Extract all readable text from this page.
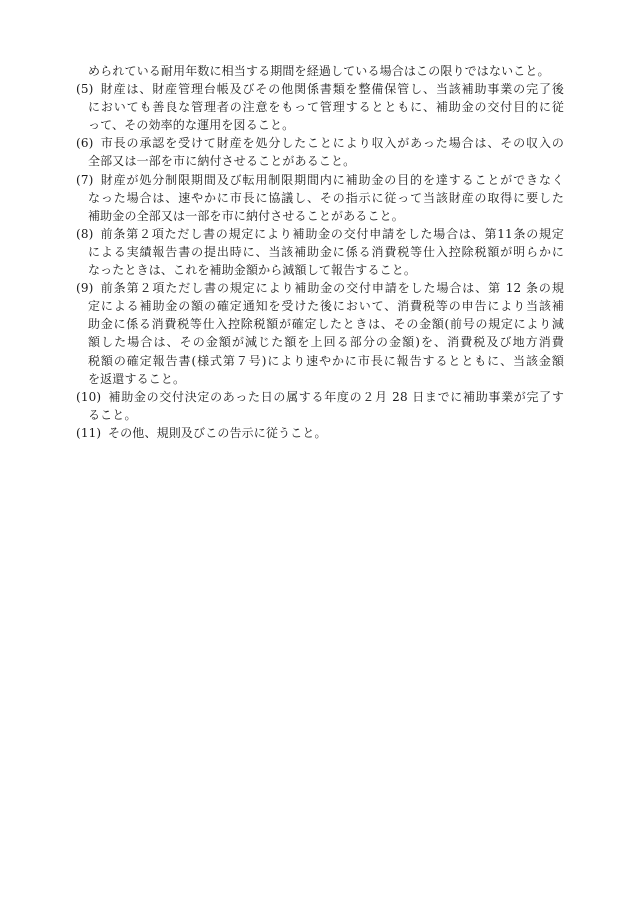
められている耐用年数に相当する期間を経過している場合はこの限りではないこと。
(5) 財産は、財産管理台帳及びその他関係書類を整備保管し、当該補助事業の完了後
においても善良な管理者の注意をもって管理するとともに、補助金の交付目的に従
って、その効率的な運用を図ること。
(6) 市長の承認を受けて財産を処分したことにより収入があった場合は、その収入の
全部又は一部を市に納付させることがあること。
(7) 財産が処分制限期間及び転用制限期間内に補助金の目的を達することができなく
なった場合は、速やかに市長に協議し、その指示に従って当該財産の取得に要した
補助金の全部又は一部を市に納付させることがあること。
(8) 前条第２項ただし書の規定により補助金の交付申請をした場合は、第11条の規定
による実績報告書の提出時に、当該補助金に係る消費税等仕入控除税額が明らかに
なったときは、これを補助金額から減額して報告すること。
(9) 前条第２項ただし書の規定により補助金の交付申請をした場合は、第 12 条の規
定による補助金の額の確定通知を受けた後において、消費税等の申告により当該補
助金に係る消費税等仕入控除税額が確定したときは、その金額(前号の規定により減
額した場合は、その金額が減じた額を上回る部分の金額)を、消費税及び地方消費
税額の確定報告書(様式第７号)により速やかに市長に報告するとともに、当該金額
を返還すること。
(10) 補助金の交付決定のあった日の属する年度の２月 28 日までに補助事業が完了す
ること。
(11) その他、規則及びこの告示に従うこと。
